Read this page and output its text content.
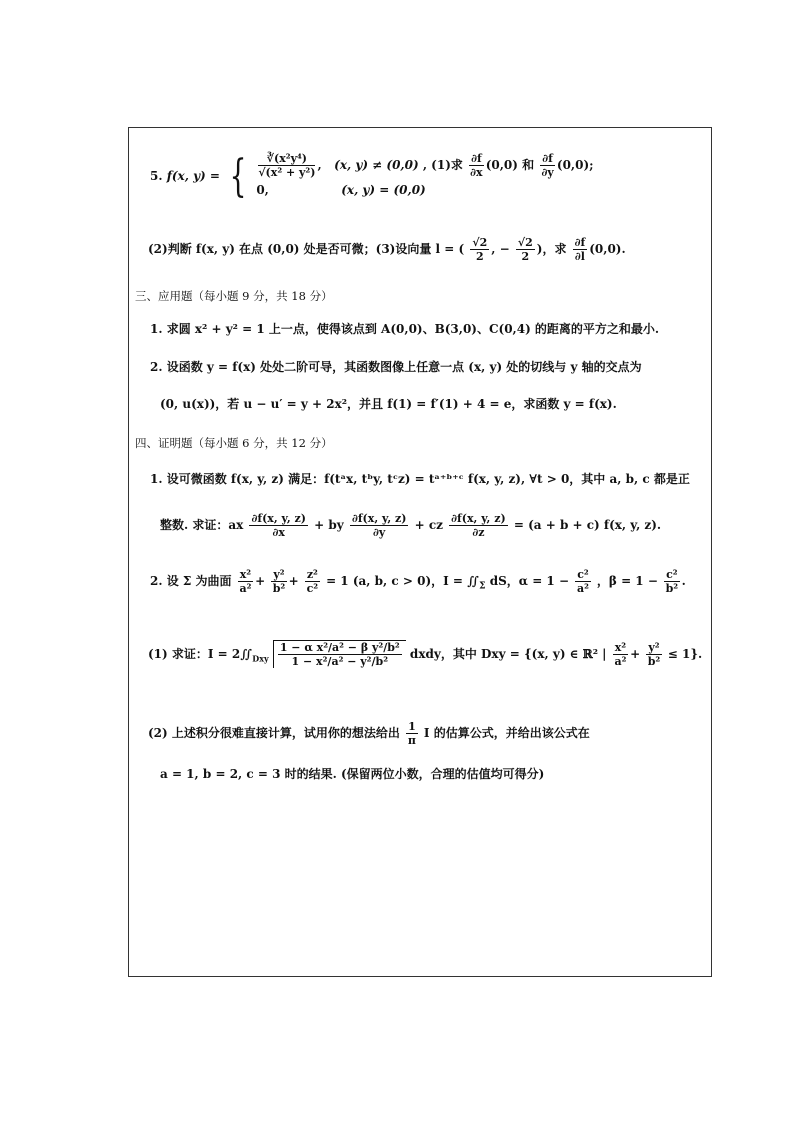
5. f(x, y) = { $\frac{\text{∛(x²y⁴)}}{\text{√(x² + y²)}}$ ,   (x, y) ≠ (0,0) , (1)求 $\frac{\partial f}{\partial x} (0,0)$ 和 $\frac{\partial f}{\partial y} (0,0)$;
0,	(x, y) = (0,0)
(2)判断 f(x, y) 在点 (0,0) 处是否可微；(3)设向量 l = ( $\frac{√2}{2}$ , − $\frac{√2}{2}$ )，求 $\frac{\partial f}{\partial l} (0,0)$.
三、应用题（每小题 9 分，共 18 分）
1. 求圆 x² + y² = 1 上一点，使得该点到 A(0,0)、B(3,0)、C(0,4) 的距离的平方之和最小.
2. 设函数 y = f(x) 处处二阶可导，其函数图像上任意一点 (x, y) 处的切线与 y 轴的交点为
(0, u(x))，若 u − u′ = y + 2x²，并且 f(1) = f′(1) + 4 = e，求函数 y = f(x).
四、证明题（每小题 6 分，共 12 分）
1. 设可微函数 f(x, y, z) 满足：f(tᵃx, tᵇy, tᶜz) = tᵃ⁺ᵇ⁺ᶜ f(x, y, z), ∀t > 0，其中 a, b, c 都是正
整数. 求证：ax $\frac{\partial f(x, y, z)}{\partial x}$ + by $\frac{\partial f(x, y, z)}{\partial y}$ + cz $\frac{\partial f(x, y, z)}{\partial z} = (a + b + c)$ f(x, y, z).
2. 设 Σ 为曲面 $\frac{\text{x²}}{\text{a²}} + \frac{\text{y²}}{\text{b²}} + \frac{\text{z²}}{\text{c²}} = 1$ (a, b, c > 0)，$I = ∬_\Sigma$ dS，$\alpha = 1 - \frac{\text{c²}}{\text{a²}}$ ，$\beta = 1 - \frac{\text{c²}}{\text{b²}}$ .
(1) 求证：$I = 2∬_{Dxy} \frac{\text{1 − α x²/a² − β y²/b²}}{\text{1 − x²/a² − y²/b²}}$ dxdy，其中 Dxy = {(x, y) ∈ ℝ² | $\frac{\text{x²}}{\text{a²}} + \frac{\text{y²}}{\text{b²}} \le 1$}.
(2) 上述积分很难直接计算，试用你的想法给出 $\frac{1}{\pi}$ I 的估算公式，并给出该公式在
a = 1, b = 2, c = 3 时的结果. (保留两位小数，合理的估值均可得分)
